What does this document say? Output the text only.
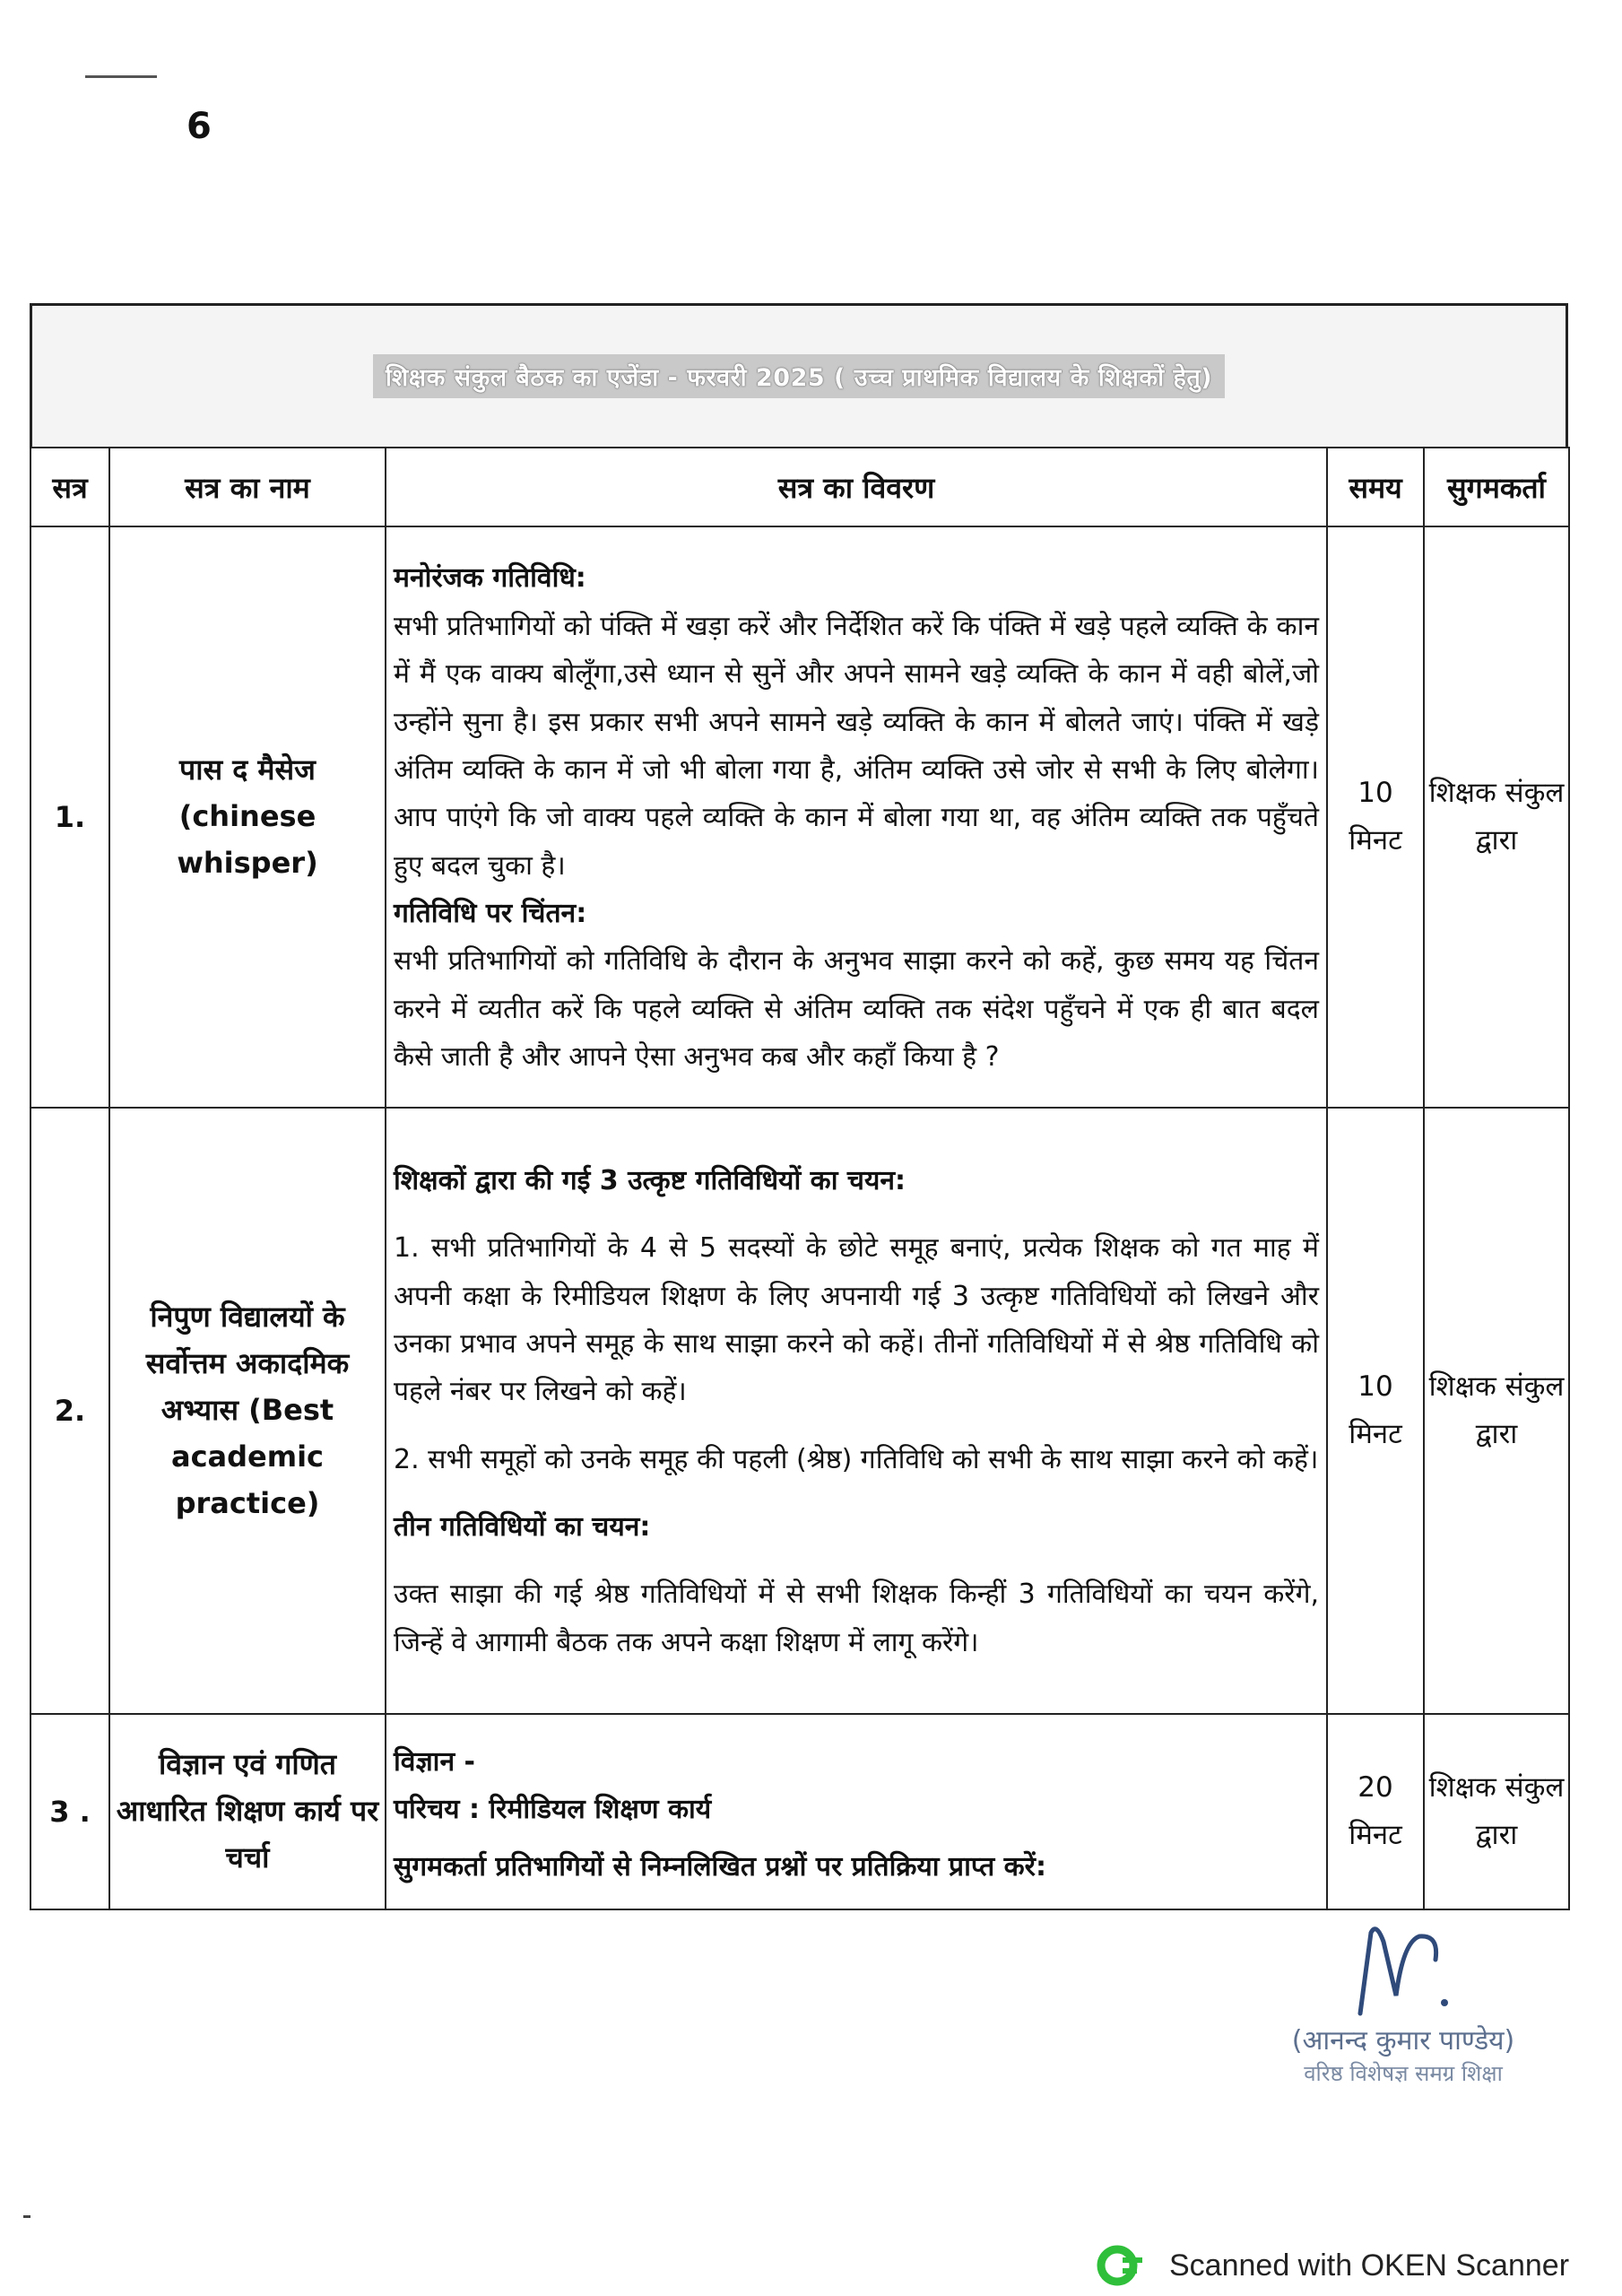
6
शिक्षक संकुल बैठक का एजेंडा - फरवरी 2025 ( उच्च प्राथमिक विद्यालय के शिक्षकों हेतु)
सत्र	सत्र का नाम	सत्र का विवरण	समय	सुगमकर्ता
1.	पास द मैसेज (chinese whisper)	मनोरंजक गतिविधि:
सभी प्रतिभागियों को पंक्ति में खड़ा करें और निर्देशित करें कि पंक्ति में खड़े पहले व्यक्ति के कान में मैं एक वाक्य बोलूँगा,उसे ध्यान से सुनें और अपने सामने खड़े व्यक्ति के कान में वही बोलें,जो उन्होंने सुना है। इस प्रकार सभी अपने सामने खड़े व्यक्ति के कान में बोलते जाएं। पंक्ति में खड़े अंतिम व्यक्ति के कान में जो भी बोला गया है, अंतिम व्यक्ति उसे जोर से सभी के लिए बोलेगा। आप पाएंगे कि जो वाक्य पहले व्यक्ति के कान में बोला गया था, वह अंतिम व्यक्ति तक पहुँचते हुए बदल चुका है।
गतिविधि पर चिंतन:
सभी प्रतिभागियों को गतिविधि के दौरान के अनुभव साझा करने को कहें, कुछ समय यह चिंतन करने में व्यतीत करें कि पहले व्यक्ति से अंतिम व्यक्ति तक संदेश पहुँचने में एक ही बात बदल कैसे जाती है और आपने ऐसा अनुभव कब और कहाँ किया है ?	10 मिनट	शिक्षक संकुल द्वारा
2.	निपुण विद्यालयों के सर्वोत्तम अकादमिक अभ्यास (Best academic practice)	शिक्षकों द्वारा की गई 3 उत्कृष्ट गतिविधियों का चयन:
1. सभी प्रतिभागियों के 4 से 5 सदस्यों के छोटे समूह बनाएं, प्रत्येक शिक्षक को गत माह में अपनी कक्षा के रिमीडियल शिक्षण के लिए अपनायी गई 3 उत्कृष्ट गतिविधियों को लिखने और उनका प्रभाव अपने समूह के साथ साझा करने को कहें। तीनों गतिविधियों में से श्रेष्ठ गतिविधि को पहले नंबर पर लिखने को कहें।
2. सभी समूहों को उनके समूह की पहली (श्रेष्ठ) गतिविधि को सभी के साथ साझा करने को कहें।
तीन गतिविधियों का चयन:
उक्त साझा की गई श्रेष्ठ गतिविधियों में से सभी शिक्षक किन्हीं 3 गतिविधियों का चयन करेंगे, जिन्हें वे आगामी बैठक तक अपने कक्षा शिक्षण में लागू करेंगे।	10 मिनट	शिक्षक संकुल द्वारा
3 .	विज्ञान एवं गणित आधारित शिक्षण कार्य पर चर्चा	विज्ञान -
परिचय : रिमीडियल शिक्षण कार्य
सुगमकर्ता प्रतिभागियों से निम्नलिखित प्रश्नों पर प्रतिक्रिया प्राप्त करें:	20 मिनट	शिक्षक संकुल द्वारा
(आनन्द कुमार पाण्डेय)
वरिष्ठ विशेषज्ञ समग्र शिक्षा
Scanned with OKEN Scanner
